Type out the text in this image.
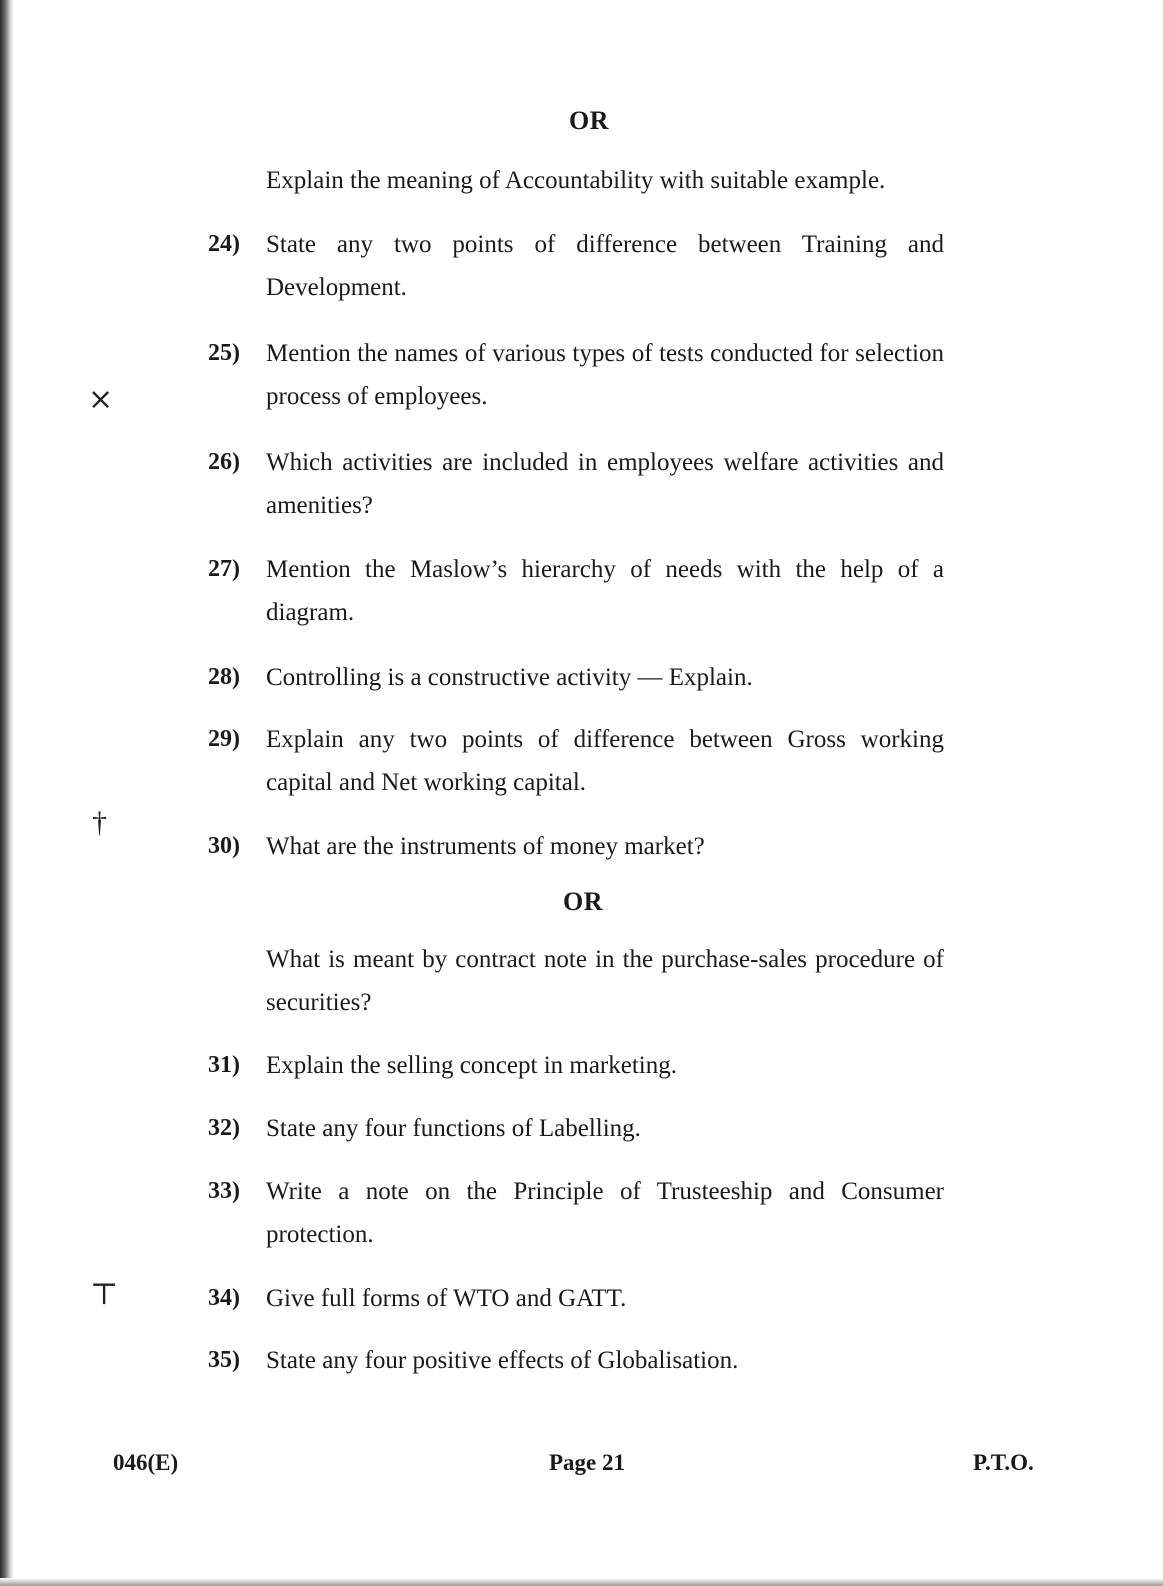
⨯
†
⊤
OR
Explain the meaning of Accountability with suitable example.
24) State any two points of difference between Training and Development.
25) Mention the names of various types of tests conducted for selection process of employees.
26) Which activities are included in employees welfare activities and amenities?
27) Mention the Maslow’s hierarchy of needs with the help of a diagram.
28) Controlling is a constructive activity — Explain.
29) Explain any two points of difference between Gross working capital and Net working capital.
30) What are the instruments of money market?
OR
What is meant by contract note in the purchase-sales procedure of securities?
31) Explain the selling concept in marketing.
32) State any four functions of Labelling.
33) Write a note on the Principle of Trusteeship and Consumer protection.
34) Give full forms of WTO and GATT.
35) State any four positive effects of Globalisation.
046(E)	Page 21	P.T.O.
